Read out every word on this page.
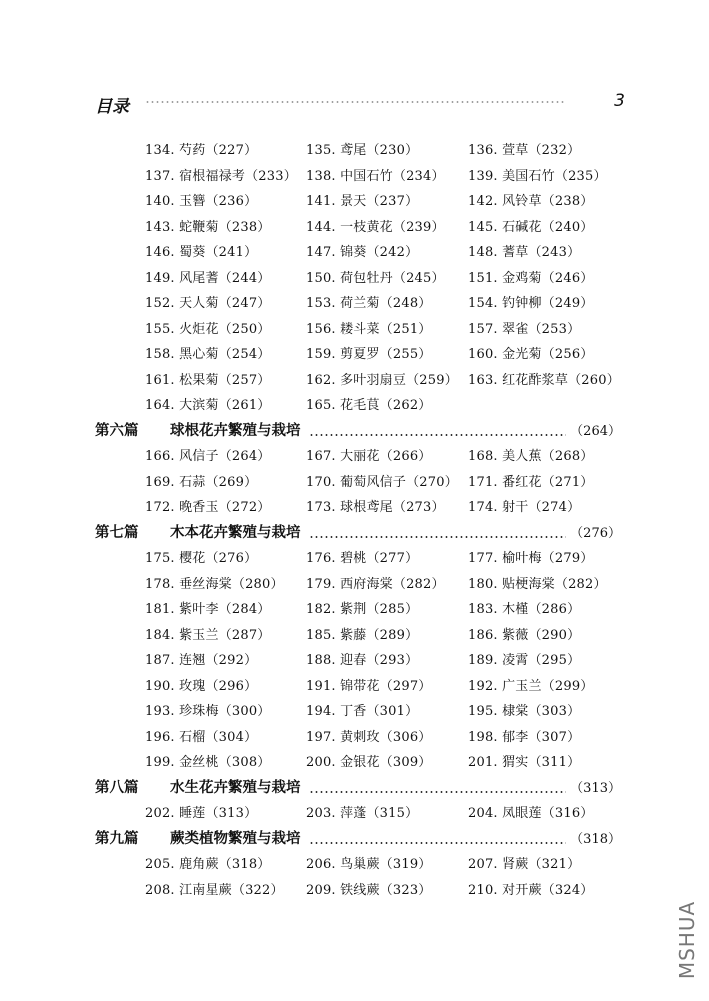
目录	3
134. 芍药（227）	135. 鸢尾（230）	136. 萱草（232）
137. 宿根福禄考（233） 138. 中国石竹（234） 139. 美国石竹（235）
140. 玉簪（236）	141. 景天（237）	142. 风铃草（238）
143. 蛇鞭菊（238）	144. 一枝黄花（239） 145. 石碱花（240）
146. 蜀葵（241）	147. 锦葵（242）	148. 蓍草（243）
149. 风尾蓍（244）	150. 荷包牡丹（245） 151. 金鸡菊（246）
152. 天人菊（247）	153. 荷兰菊（248）	154. 钓钟柳（249）
155. 火炬花（250）	156. 耧斗菜（251）	157. 翠雀（253）
158. 黑心菊（254）	159. 剪夏罗（255）	160. 金光菊（256）
161. 松果菊（257）	162. 多叶羽扇豆（259） 163. 红花酢浆草（260）
164. 大滨菊（261）	165. 花毛茛（262）
第六篇 球根花卉繁殖与栽培	（264）
166. 风信子（264）	167. 大丽花（266）	168. 美人蕉（268）
169. 石蒜（269）	170. 葡萄风信子（270） 171. 番红花（271）
172. 晚香玉（272）	173. 球根鸢尾（273） 174. 射干（274）
第七篇 木本花卉繁殖与栽培	（276）
175. 樱花（276）	176. 碧桃（277）	177. 榆叶梅（279）
178. 垂丝海棠（280） 179. 西府海棠（282） 180. 贴梗海棠（282）
181. 紫叶李（284）	182. 紫荆（285）	183. 木槿（286）
184. 紫玉兰（287）	185. 紫藤（289）	186. 紫薇（290）
187. 连翘（292）	188. 迎春（293）	189. 凌霄（295）
190. 玫瑰（296）	191. 锦带花（297）	192. 广玉兰（299）
193. 珍珠梅（300）	194. 丁香（301）	195. 棣棠（303）
196. 石榴（304）	197. 黄刺玫（306）	198. 郁李（307）
199. 金丝桃（308）	200. 金银花（309）	201. 猬实（311）
第八篇 水生花卉繁殖与栽培	（313）
202. 睡莲（313）	203. 萍蓬（315）	204. 凤眼莲（316）
第九篇 蕨类植物繁殖与栽培	（318）
205. 鹿角蕨（318）	206. 鸟巢蕨（319）	207. 肾蕨（321）
208. 江南星蕨（322） 209. 铁线蕨（323）	210. 对开蕨（324）
MSHUA
